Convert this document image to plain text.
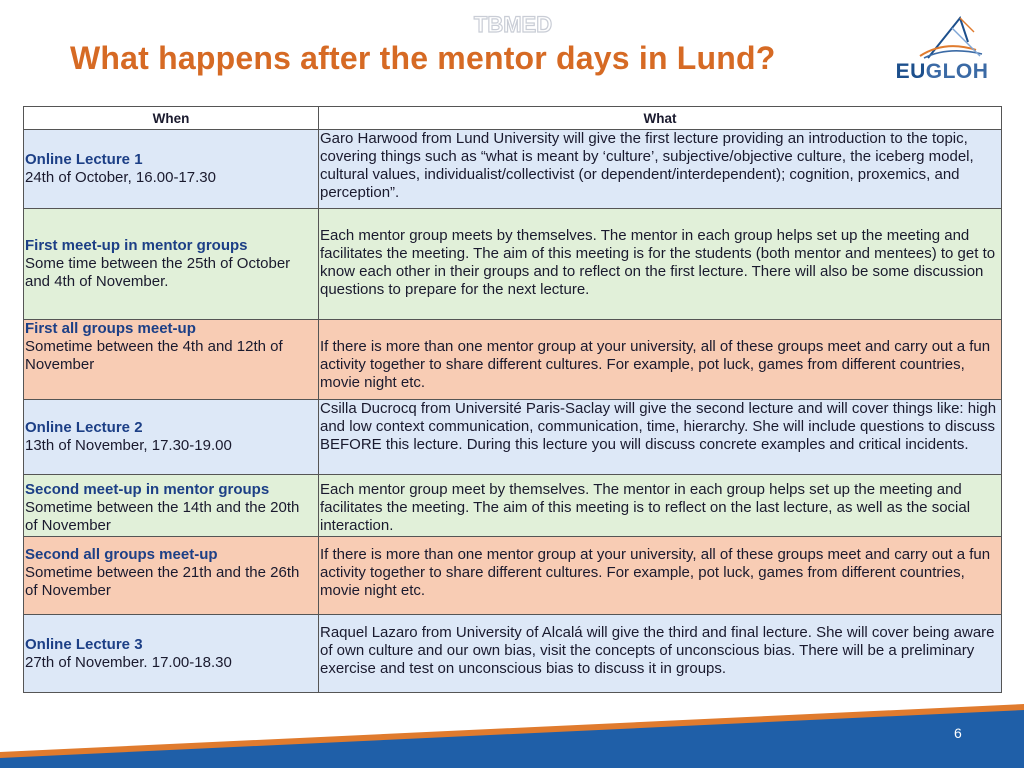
TBMED
What happens after the mentor days in Lund?	EUGLOH
When	What

Online Lecture 1
24th of October, 16.00-17.30	Garo Harwood from Lund University will give the first lecture providing an introduction to the topic, covering things such as “what is meant by ‘culture’, subjective/objective culture, the iceberg model, cultural values, individualist/collectivist (or dependent/interdependent); cognition, proxemics, and perception”.

First meet-up in mentor groups
Some time between the 25th of October and 4th of November.	Each mentor group meets by themselves. The mentor in each group helps set up the meeting and facilitates the meeting. The aim of this meeting is for the students (both mentor and mentees) to get to know each other in their groups and to reflect on the first lecture. There will also be some discussion questions to prepare for the next lecture.

First all groups meet-up
Sometime between the 4th and 12th of November	If there is more than one mentor group at your university, all of these groups meet and carry out a fun activity together to share different cultures. For example, pot luck, games from different countries, movie night etc.

Online Lecture 2
13th of November, 17.30-19.00	Csilla Ducrocq from Université Paris-Saclay will give the second lecture and will cover things like: high and low context communication, communication, time, hierarchy. She will include questions to discuss BEFORE this lecture. During this lecture you will discuss concrete examples and critical incidents.

Second meet-up in mentor groups
Sometime between the 14th and the 20th of November	Each mentor group meet by themselves. The mentor in each group helps set up the meeting and facilitates the meeting. The aim of this meeting is to reflect on the last lecture, as well as the social interaction.

Second all groups meet-up
Sometime between the 21th and the 26th of November	If there is more than one mentor group at your university, all of these groups meet and carry out a fun activity together to share different cultures. For example, pot luck, games from different countries, movie night etc.

Online Lecture 3
27th of November. 17.00-18.30	Raquel Lazaro from University of Alcalá will give the third and final lecture. She will cover being aware of own culture and our own bias, visit the concepts of unconscious bias. There will be a preliminary exercise and test on unconscious bias to discuss it in groups.
6
